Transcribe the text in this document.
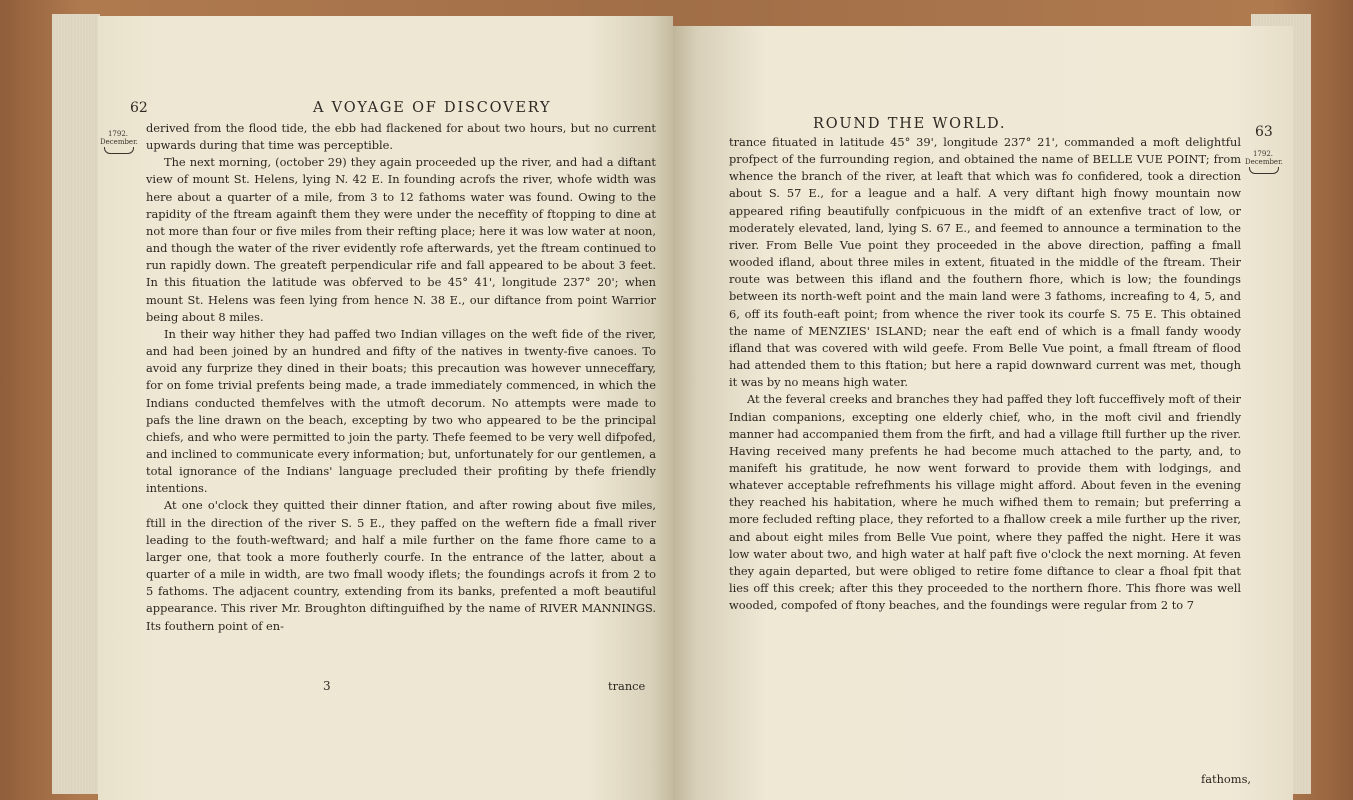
62	A VOYAGE OF DISCOVERY
1792.
December.

derived from the flood tide, the ebb had flackened for about two hours, but no current upwards during that time was perceptible.

The next morning, (october 29) they again proceeded up the river, and had a diftant view of mount St. Helens, lying N. 42 E. In founding acrofs the river, whofe width was here about a quarter of a mile, from 3 to 12 fathoms water was found. Owing to the rapidity of the ftream againft them they were under the neceffity of ftopping to dine at not more than four or five miles from their refting place; here it was low water at noon, and though the water of the river evidently rofe afterwards, yet the ftream continued to run rapidly down. The greateft perpendicular rife and fall appeared to be about 3 feet. In this fituation the latitude was obferved to be 45° 41', longitude 237° 20'; when mount St. Helens was feen lying from hence N. 38 E., our diftance from point Warrior being about 8 miles.

In their way hither they had paffed two Indian villages on the weft fide of the river, and had been joined by an hundred and fifty of the natives in twenty-five canoes. To avoid any furprize they dined in their boats; this precaution was however unneceffary, for on fome trivial prefents being made, a trade immediately commenced, in which the Indians conducted themfelves with the utmoft decorum. No attempts were made to pafs the line drawn on the beach, excepting by two who appeared to be the principal chiefs, and who were permitted to join the party. Thefe feemed to be very well difpofed, and inclined to communicate every information; but, unfortunately for our gentlemen, a total ignorance of the Indians' language precluded their profiting by thefe friendly intentions.

At one o'clock they quitted their dinner ftation, and after rowing about five miles, ftill in the direction of the river S. 5 E., they paffed on the weftern fide a fmall river leading to the fouth-weftward; and half a mile further on the fame fhore came to a larger one, that took a more foutherly courfe. In the entrance of the latter, about a quarter of a mile in width, are two fmall woody iflets; the foundings acrofs it from 2 to 5 fathoms. The adjacent country, extending from its banks, prefented a moft beautiful appearance. This river Mr. Broughton diftinguifhed by the name of RIVER MANNINGS. Its fouthern point of en-

3	trance
ROUND THE WORLD.	63
1792.
December.

trance fituated in latitude 45° 39', longitude 237° 21', commanded a moft delightful profpect of the furrounding region, and obtained the name of BELLE VUE POINT; from whence the branch of the river, at leaft that which was fo confidered, took a direction about S. 57 E., for a league and a half. A very diftant high fnowy mountain now appeared rifing beautifully confpicuous in the midft of an extenfive tract of low, or moderately elevated, land, lying S. 67 E., and feemed to announce a termination to the river. From Belle Vue point they proceeded in the above direction, paffing a fmall wooded ifland, about three miles in extent, fituated in the middle of the ftream. Their route was between this ifland and the fouthern fhore, which is low; the foundings between its north-weft point and the main land were 3 fathoms, increafing to 4, 5, and 6, off its fouth-eaft point; from whence the river took its courfe S. 75 E. This obtained the name of MENZIES' ISLAND; near the eaft end of which is a fmall fandy woody ifland that was covered with wild geefe. From Belle Vue point, a fmall ftream of flood had attended them to this ftation; but here a rapid downward current was met, though it was by no means high water.

At the feveral creeks and branches they had paffed they loft fucceffively moft of their Indian companions, excepting one elderly chief, who, in the moft civil and friendly manner had accompanied them from the firft, and had a village ftill further up the river. Having received many prefents he had become much attached to the party, and, to manifeft his gratitude, he now went forward to provide them with lodgings, and whatever acceptable refrefhments his village might afford. About feven in the evening they reached his habitation, where he much wifhed them to remain; but preferring a more fecluded refting place, they reforted to a fhallow creek a mile further up the river, and about eight miles from Belle Vue point, where they paffed the night. Here it was low water about two, and high water at half paft five o'clock the next morning. At feven they again departed, but were obliged to retire fome diftance to clear a fhoal fpit that lies off this creek; after this they proceeded to the northern fhore. This fhore was well wooded, compofed of ftony beaches, and the foundings were regular from 2 to 7

fathoms,
